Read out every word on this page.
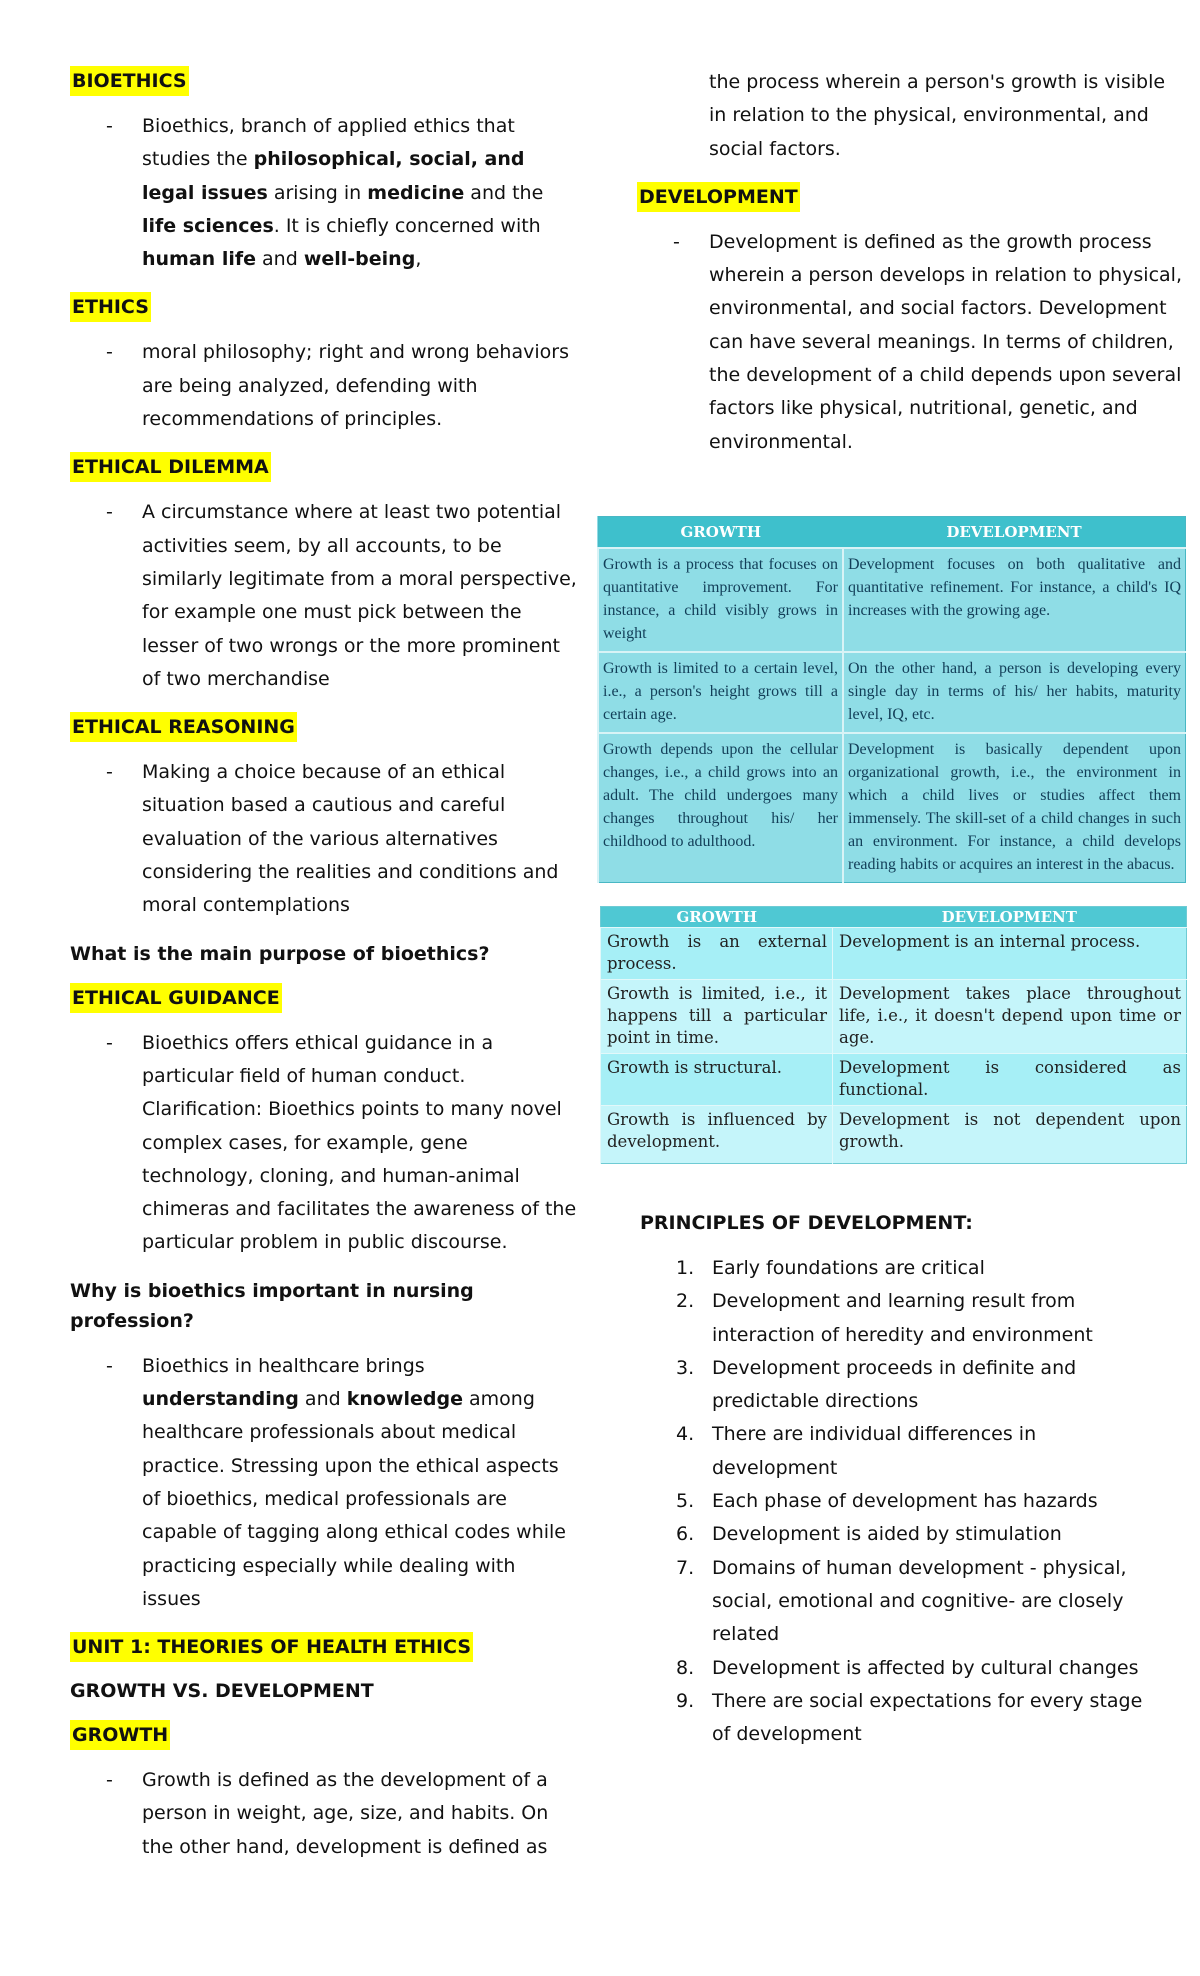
BIOETHICS
- Bioethics, branch of applied ethics that studies the philosophical, social, and legal issues arising in medicine and the life sciences. It is chiefly concerned with human life and well-being,
ETHICS
- moral philosophy; right and wrong behaviors are being analyzed, defending with recommendations of principles.
ETHICAL DILEMMA
- A circumstance where at least two potential activities seem, by all accounts, to be similarly legitimate from a moral perspective, for example one must pick between the lesser of two wrongs or the more prominent of two merchandise
ETHICAL REASONING
- Making a choice because of an ethical situation based a cautious and careful evaluation of the various alternatives considering the realities and conditions and moral contemplations
What is the main purpose of bioethics?
ETHICAL GUIDANCE
- Bioethics offers ethical guidance in a particular field of human conduct. Clarification: Bioethics points to many novel complex cases, for example, gene technology, cloning, and human-animal chimeras and facilitates the awareness of the particular problem in public discourse.
Why is bioethics important in nursing profession?
- Bioethics in healthcare brings understanding and knowledge among healthcare professionals about medical practice. Stressing upon the ethical aspects of bioethics, medical professionals are capable of tagging along ethical codes while practicing especially while dealing with issues
UNIT 1: THEORIES OF HEALTH ETHICS
GROWTH VS. DEVELOPMENT
GROWTH
- Growth is defined as the development of a person in weight, age, size, and habits. On the other hand, development is defined as
the process wherein a person's growth is visible in relation to the physical, environmental, and social factors.
DEVELOPMENT
- Development is defined as the growth process wherein a person develops in relation to physical, environmental, and social factors. Development can have several meanings. In terms of children, the development of a child depends upon several factors like physical, nutritional, genetic, and environmental.
GROWTH	DEVELOPMENT
Growth is a process that focuses on quantitative improvement. For instance, a child visibly grows in weight	Development focuses on both qualitative and quantitative refinement. For instance, a child's IQ increases with the growing age.
Growth is limited to a certain level, i.e., a person's height grows till a certain age.	On the other hand, a person is developing every single day in terms of his/ her habits, maturity level, IQ, etc.
Growth depends upon the cellular changes, i.e., a child grows into an adult. The child undergoes many changes throughout his/ her childhood to adulthood.	Development is basically dependent upon organizational growth, i.e., the environment in which a child lives or studies affect them immensely. The skill-set of a child changes in such an environment. For instance, a child develops reading habits or acquires an interest in the abacus.
GROWTH	DEVELOPMENT
Growth is an external process.	Development is an internal process.
Growth is limited, i.e., it happens till a particular point in time.	Development takes place throughout life, i.e., it doesn't depend upon time or age.
Growth is structural.	Development is considered as functional.
Growth is influenced by development.	Development is not dependent upon growth.
PRINCIPLES OF DEVELOPMENT:
1. Early foundations are critical
2. Development and learning result from interaction of heredity and environment
3. Development proceeds in definite and predictable directions
4. There are individual differences in development
5. Each phase of development has hazards
6. Development is aided by stimulation
7. Domains of human development - physical, social, emotional and cognitive- are closely related
8. Development is affected by cultural changes
9. There are social expectations for every stage of development
